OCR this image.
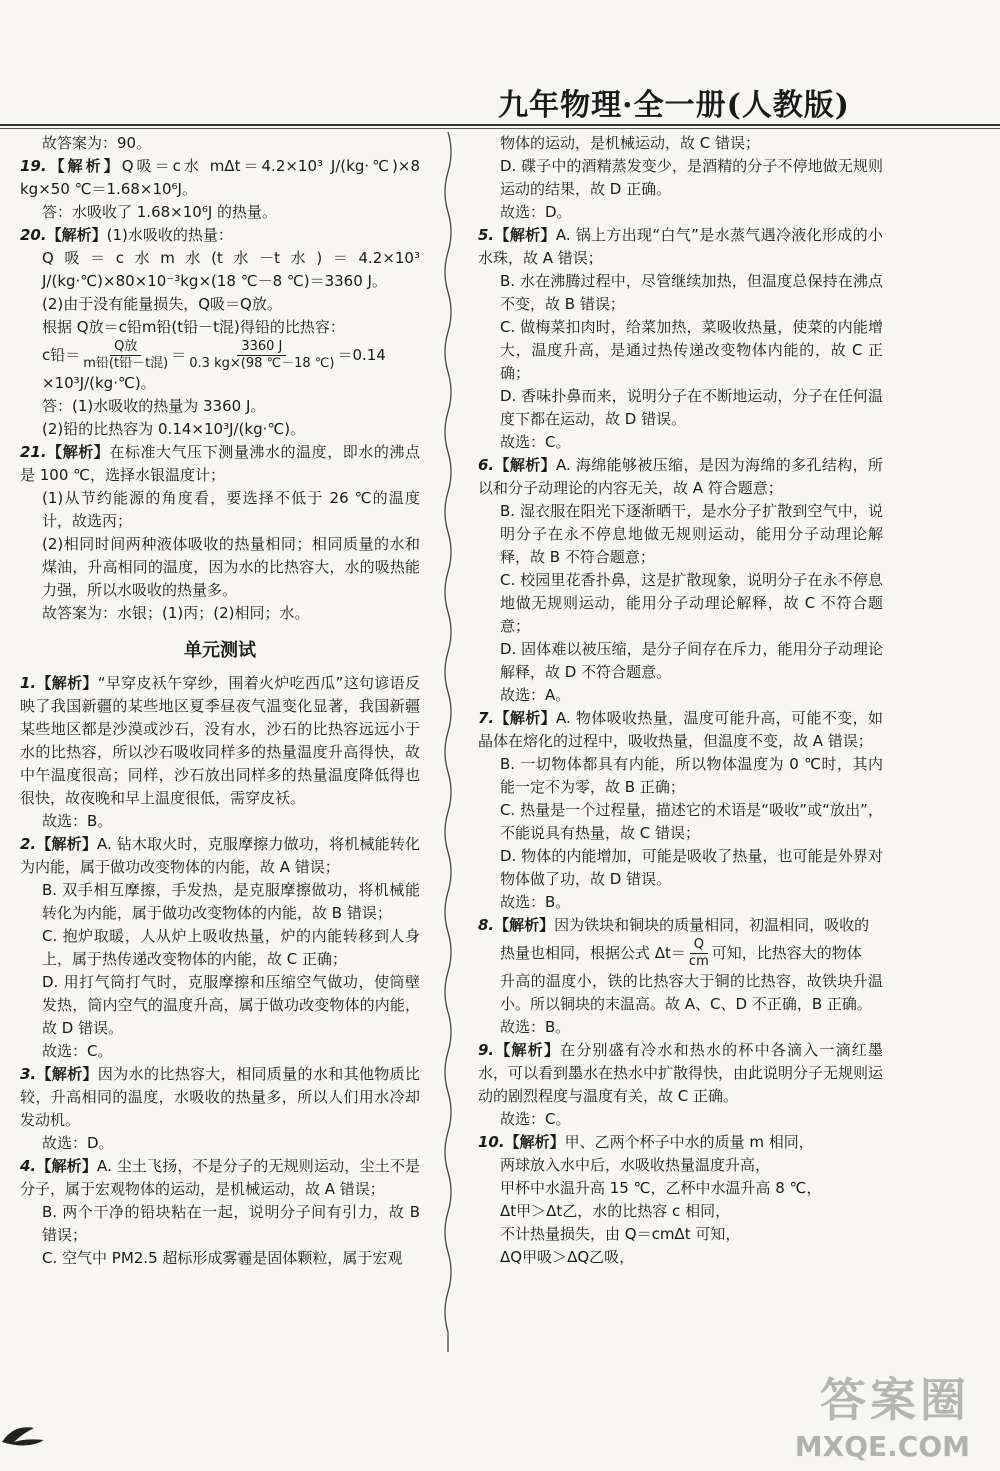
九年物理·全一册(人教版)

故答案为：90。

19.【解析】Q吸＝c水 mΔt＝4.2×10³ J/(kg·℃)×8 kg×50 ℃＝1.68×10⁶J。

答：水吸收了 1.68×10⁶J 的热量。

20.【解析】(1)水吸收的热量：

Q吸＝c水m水(t水－t水)＝4.2×10³ J/(kg·℃)×80×10⁻³kg×(18 ℃－8 ℃)＝3360 J。

(2)由于没有能量损失，Q吸＝Q放。

根据 Q放＝c铅m铅(t铅－t混)得铅的比热容：

c铅＝ $\frac{\text{Q放}}{\text{m铅(t铅－t混)}} = \frac{3360 J}{0.3 kg\times(98 ℃-18 ℃)} =0.14$

×10³J/(kg·℃)。

答：(1)水吸收的热量为 3360 J。

(2)铅的比热容为 0.14×10³J/(kg·℃)。

21.【解析】在标准大气压下测量沸水的温度，即水的沸点是 100 ℃，选择水银温度计；

(1)从节约能源的角度看，要选择不低于 26 ℃的温度计，故选丙；

(2)相同时间两种液体吸收的热量相同；相同质量的水和煤油，升高相同的温度，因为水的比热容大，水的吸热能力强，所以水吸收的热量多。

故答案为：水银；(1)丙；(2)相同；水。

单元测试

1.【解析】“早穿皮袄午穿纱，围着火炉吃西瓜”这句谚语反映了我国新疆的某些地区夏季昼夜气温变化显著，我国新疆某些地区都是沙漠或沙石，没有水，沙石的比热容远远小于水的比热容，所以沙石吸收同样多的热量温度升高得快，故中午温度很高；同样，沙石放出同样多的热量温度降低得也很快，故夜晚和早上温度很低，需穿皮袄。

故选：B。

2.【解析】A. 钻木取火时，克服摩擦力做功，将机械能转化为内能，属于做功改变物体的内能，故 A 错误；

B. 双手相互摩擦，手发热，是克服摩擦做功，将机械能转化为内能，属于做功改变物体的内能，故 B 错误；

C. 抱炉取暖，人从炉上吸收热量，炉的内能转移到人身上，属于热传递改变物体的内能，故 C 正确；

D. 用打气筒打气时，克服摩擦和压缩空气做功，使筒壁发热，筒内空气的温度升高，属于做功改变物体的内能，故 D 错误。

故选：C。

3.【解析】因为水的比热容大，相同质量的水和其他物质比较，升高相同的温度，水吸收的热量多，所以人们用水冷却发动机。

故选：D。

4.【解析】A. 尘土飞扬，不是分子的无规则运动，尘土不是分子，属于宏观物体的运动，是机械运动，故 A 错误；

B. 两个干净的铅块粘在一起，说明分子间有引力，故 B 错误；

C. 空气中 PM2.5 超标形成雾霾是固体颗粒，属于宏观

物体的运动，是机械运动，故 C 错误；

D. 碟子中的酒精蒸发变少，是酒精的分子不停地做无规则运动的结果，故 D 正确。

故选：D。

5.【解析】A. 锅上方出现“白气”是水蒸气遇冷液化形成的小水珠，故 A 错误；

B. 水在沸腾过程中，尽管继续加热，但温度总保持在沸点不变，故 B 错误；

C. 做梅菜扣肉时，给菜加热，菜吸收热量，使菜的内能增大，温度升高，是通过热传递改变物体内能的，故 C 正确；

D. 香味扑鼻而来，说明分子在不断地运动，分子在任何温度下都在运动，故 D 错误。

故选：C。

6.【解析】A. 海绵能够被压缩，是因为海绵的多孔结构，所以和分子动理论的内容无关，故 A 符合题意；

B. 湿衣服在阳光下逐渐晒干，是水分子扩散到空气中，说明分子在永不停息地做无规则运动，能用分子动理论解释，故 B 不符合题意；

C. 校园里花香扑鼻，这是扩散现象，说明分子在永不停息地做无规则运动，能用分子动理论解释，故 C 不符合题意；

D. 固体难以被压缩，是分子间存在斥力，能用分子动理论解释，故 D 不符合题意。

故选：A。

7.【解析】A. 物体吸收热量，温度可能升高，可能不变，如晶体在熔化的过程中，吸收热量，但温度不变，故 A 错误；

B. 一切物体都具有内能，所以物体温度为 0 ℃时，其内能一定不为零，故 B 正确；

C. 热量是一个过程量，描述它的术语是“吸收”或“放出”，不能说具有热量，故 C 错误；

D. 物体的内能增加，可能是吸收了热量，也可能是外界对物体做了功，故 D 错误。

故选：B。

8.【解析】因为铁块和铜块的质量相同，初温相同，吸收的

热量也相同，根据公式 $\Delta t= \frac{Q}{cm}$ 可知，比热容大的物体

升高的温度小，铁的比热容大于铜的比热容，故铁块升温小。所以铜块的末温高。故 A、C、D 不正确，B 正确。

故选：B。

9.【解析】在分别盛有冷水和热水的杯中各滴入一滴红墨水，可以看到墨水在热水中扩散得快，由此说明分子无规则运动的剧烈程度与温度有关，故 C 正确。

故选：C。

10.【解析】甲、乙两个杯子中水的质量 m 相同，

两球放入水中后，水吸收热量温度升高，

甲杯中水温升高 15 ℃，乙杯中水温升高 8 ℃，

Δt甲＞Δt乙，水的比热容 c 相同，

不计热量损失，由 Q＝cmΔt 可知，

ΔQ甲吸＞ΔQ乙吸，

答案圈
MXQE.COM
